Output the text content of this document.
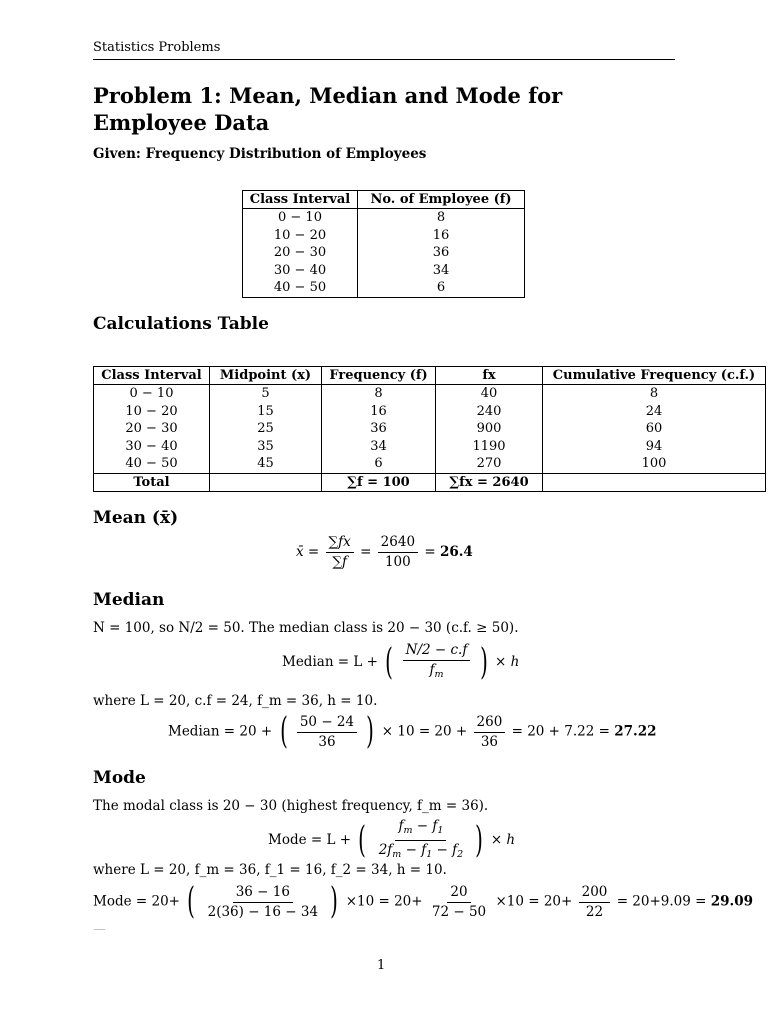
Statistics Problems
Problem 1: Mean, Median and Mode for Employee Data
Given: Frequency Distribution of Employees
Class Interval	No. of Employee (f)
0 − 10	8
10 − 20	16
20 − 30	36
30 − 40	34
40 − 50	6
Calculations Table
Class Interval	Midpoint (x)	Frequency (f)	fx	Cumulative Frequency (c.f.)
0 − 10	5	8	40	8
10 − 20	15	16	240	24
20 − 30	25	36	900	60
30 − 40	35	34	1190	94
40 − 50	45	6	270	100
Total		∑f = 100	∑fx = 2640	
Mean (x̄)
x̄ = $\frac{\sum fx}{\sum f} = \frac{2640}{100} = 26.4$
Median
N = 100, so N/2 = 50. The median class is 20 − 30 (c.f. ≥ 50).
Median = L + ( $\frac{N/2 - c.f}{f_m}$ ) × h
where L = 20, c.f = 24, f_m = 36, h = 10.
Median = 20 + ( $\frac{50 - 24}{36}$ ) × $10 = 20 + \frac{260}{36} = 20 + 7.22 = 27.22$
Mode
The modal class is 20 − 30 (highest frequency, f_m = 36).
Mode = L + ( $\frac{f_m - f_1}{2f_m - f_1 - f_2}$ ) × h
where L = 20, f_m = 36, f_1 = 16, f_2 = 34, h = 10.
Mode = 20+ ( $\frac{36 - 16}{2(36) - 16 - 34}$ ) $\times 10 = 20+ \frac{20}{72 - 50} \times 10 = 20+ \frac{200}{22} = 20+9.09 = 29.09$
—
1
